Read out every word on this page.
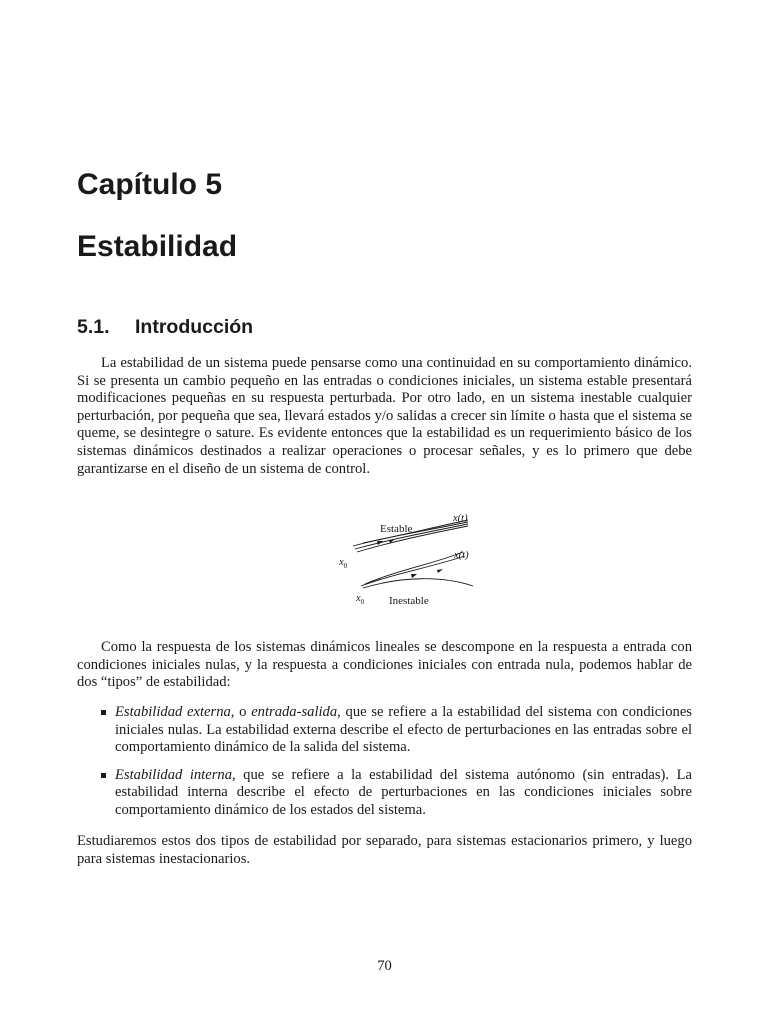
Capítulo 5
Estabilidad
5.1. Introducción

La estabilidad de un sistema puede pensarse como una continuidad en su comportamiento dinámico. Si se presenta un cambio pequeño en las entradas o condiciones iniciales, un sistema estable presentará modificaciones pequeñas en su respuesta perturbada. Por otro lado, en un sistema inestable cualquier perturbación, por pequeña que sea, llevará estados y/o salidas a crecer sin límite o hasta que el sistema se queme, se desintegre o sature. Es evidente entonces que la estabilidad es un requerimiento básico de los sistemas dinámicos destinados a realizar operaciones o procesar señales, y es lo primero que debe garantizarse en el diseño de un sistema de control.

Estable
x(t)
$x_0$
x(t)
$x_0$ Inestable

Como la respuesta de los sistemas dinámicos lineales se descompone en la respuesta a entrada con condiciones iniciales nulas, y la respuesta a condiciones iniciales con entrada nula, podemos hablar de dos “tipos” de estabilidad:

Estabilidad externa, o entrada-salida, que se refiere a la estabilidad del sistema con condiciones iniciales nulas. La estabilidad externa describe el efecto de perturbaciones en las entradas sobre el comportamiento dinámico de la salida del sistema.
Estabilidad interna, que se refiere a la estabilidad del sistema autónomo (sin entradas). La estabilidad interna describe el efecto de perturbaciones en las condiciones iniciales sobre comportamiento dinámico de los estados del sistema.

Estudiaremos estos dos tipos de estabilidad por separado, para sistemas estacionarios primero, y luego para sistemas inestacionarios.

70
